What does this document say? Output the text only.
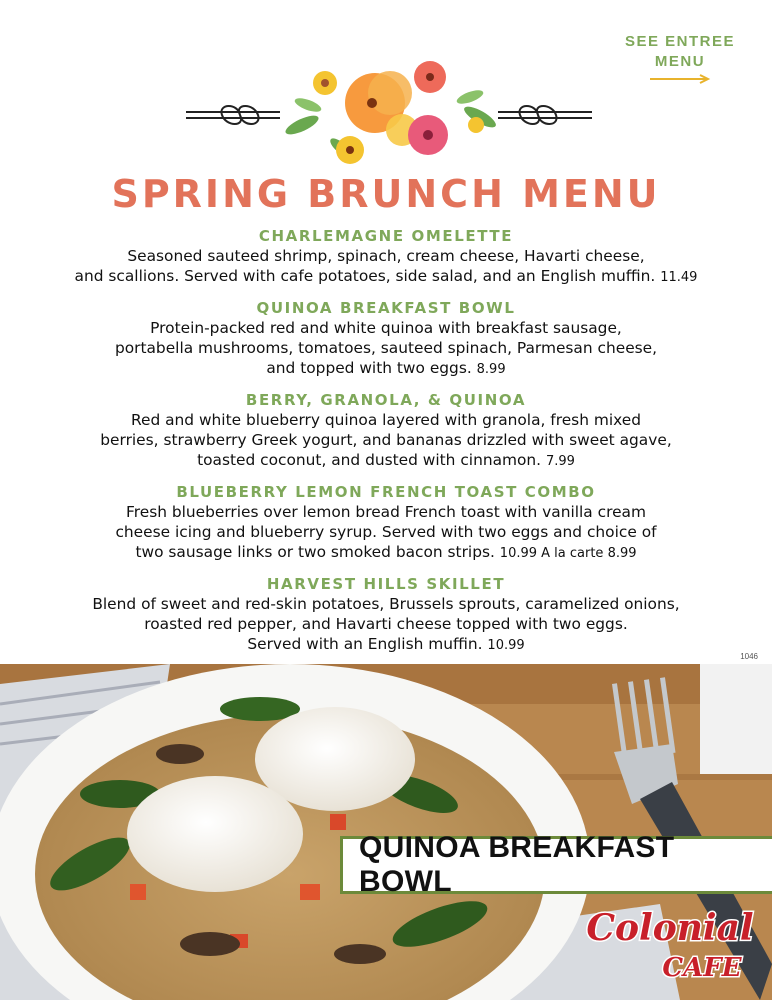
SEE ENTREE
MENU
SPRING BRUNCH MENU
CHARLEMAGNE OMELETTE
Seasoned sauteed shrimp, spinach, cream cheese, Havarti cheese,
and scallions. Served with cafe potatoes, side salad, and an English muffin. 11.49
QUINOA BREAKFAST BOWL
Protein-packed red and white quinoa with breakfast sausage,
portabella mushrooms, tomatoes, sauteed spinach, Parmesan cheese,
and topped with two eggs. 8.99
BERRY, GRANOLA, & QUINOA
Red and white blueberry quinoa layered with granola, fresh mixed
berries, strawberry Greek yogurt, and bananas drizzled with sweet agave,
toasted coconut, and dusted with cinnamon. 7.99
BLUEBERRY LEMON FRENCH TOAST COMBO
Fresh blueberries over lemon bread French toast with vanilla cream
cheese icing and blueberry syrup. Served with two eggs and choice of
two sausage links or two smoked bacon strips. 10.99 A la carte 8.99
HARVEST HILLS SKILLET
Blend of sweet and red-skin potatoes, Brussels sprouts, caramelized onions,
roasted red pepper, and Havarti cheese topped with two eggs.
Served with an English muffin. 10.99
1046
QUINOA BREAKFAST BOWL
Colonial
CAFE
